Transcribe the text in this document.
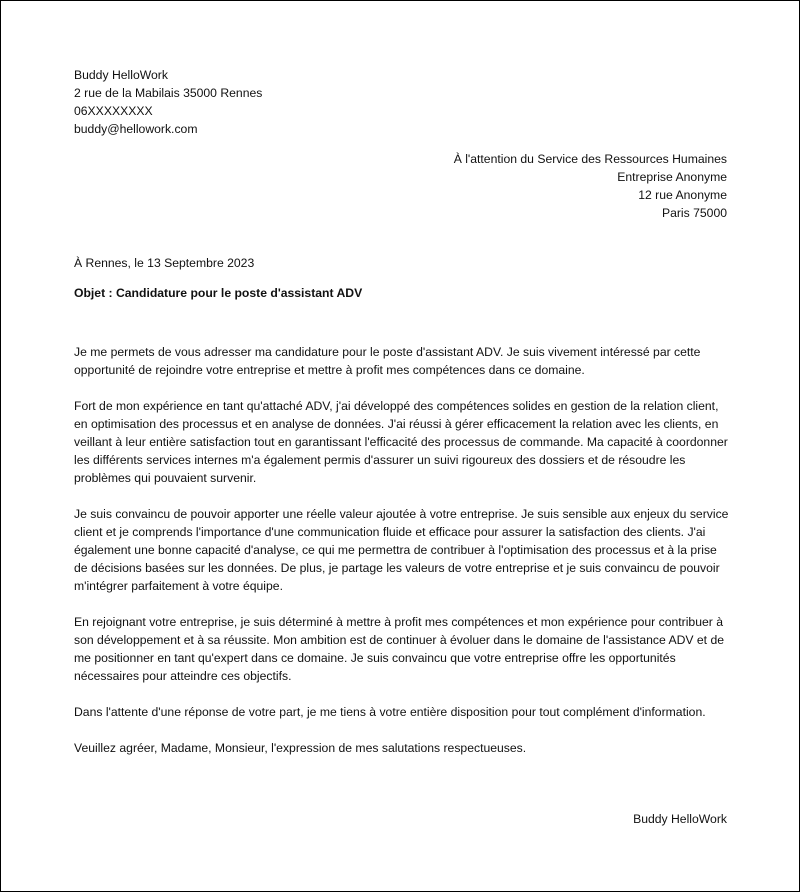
Buddy HelloWork
2 rue de la Mabilais 35000 Rennes
06XXXXXXXX
buddy@hellowork.com
À l'attention du Service des Ressources Humaines
Entreprise Anonyme
12 rue Anonyme
Paris 75000
À Rennes, le 13 Septembre 2023
Objet : Candidature pour le poste d'assistant ADV

Je me permets de vous adresser ma candidature pour le poste d'assistant ADV. Je suis vivement intéressé par cette opportunité de rejoindre votre entreprise et mettre à profit mes compétences dans ce domaine.

Fort de mon expérience en tant qu'attaché ADV, j'ai développé des compétences solides en gestion de la relation client, en optimisation des processus et en analyse de données. J'ai réussi à gérer efficacement la relation avec les clients, en veillant à leur entière satisfaction tout en garantissant l'efficacité des processus de commande. Ma capacité à coordonner les différents services internes m'a également permis d'assurer un suivi rigoureux des dossiers et de résoudre les problèmes qui pouvaient survenir.

Je suis convaincu de pouvoir apporter une réelle valeur ajoutée à votre entreprise. Je suis sensible aux enjeux du service client et je comprends l'importance d'une communication fluide et efficace pour assurer la satisfaction des clients. J'ai également une bonne capacité d'analyse, ce qui me permettra de contribuer à l'optimisation des processus et à la prise de décisions basées sur les données. De plus, je partage les valeurs de votre entreprise et je suis convaincu de pouvoir m'intégrer parfaitement à votre équipe.

En rejoignant votre entreprise, je suis déterminé à mettre à profit mes compétences et mon expérience pour contribuer à son développement et à sa réussite. Mon ambition est de continuer à évoluer dans le domaine de l'assistance ADV et de me positionner en tant qu'expert dans ce domaine. Je suis convaincu que votre entreprise offre les opportunités nécessaires pour atteindre ces objectifs.

Dans l'attente d'une réponse de votre part, je me tiens à votre entière disposition pour tout complément d'information.

Veuillez agréer, Madame, Monsieur, l'expression de mes salutations respectueuses.

Buddy HelloWork
